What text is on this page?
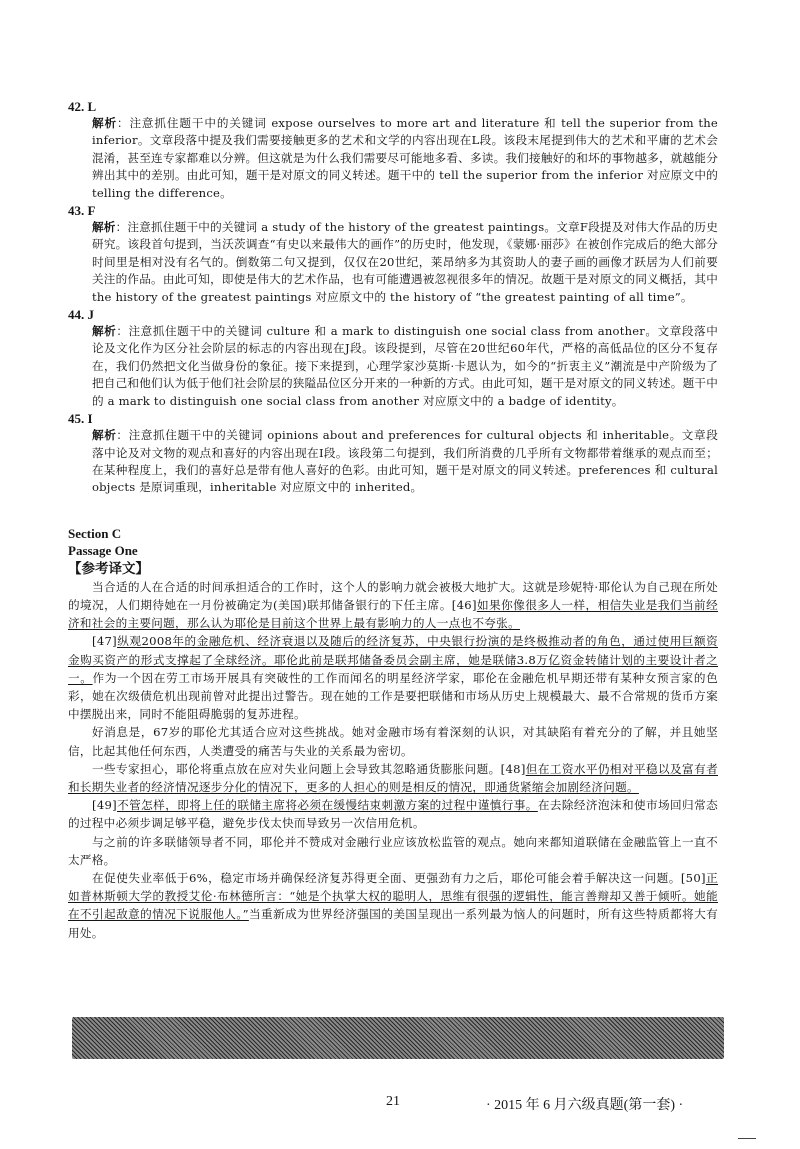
42. L

解析：注意抓住题干中的关键词 expose ourselves to more art and literature 和 tell the superior from the inferior。文章段落中提及我们需要接触更多的艺术和文学的内容出现在L段。该段末尾提到伟大的艺术和平庸的艺术会混淆，甚至连专家都难以分辨。但这就是为什么我们需要尽可能地多看、多读。我们接触好的和坏的事物越多，就越能分辨出其中的差别。由此可知，题干是对原文的同义转述。题干中的 tell the superior from the inferior 对应原文中的 telling the difference。

43. F

解析：注意抓住题干中的关键词 a study of the history of the greatest paintings。文章F段提及对伟大作品的历史研究。该段首句提到，当沃茨调查“有史以来最伟大的画作”的历史时，他发现，《蒙娜·丽莎》在被创作完成后的绝大部分时间里是相对没有名气的。倒数第二句又提到，仅仅在20世纪，莱昂纳多为其资助人的妻子画的画像才跃居为人们前要关注的作品。由此可知，即使是伟大的艺术作品，也有可能遭遇被忽视很多年的情况。故题干是对原文的同义概括，其中 the history of the greatest paintings 对应原文中的 the history of “the greatest painting of all time”。

44. J

解析：注意抓住题干中的关键词 culture 和 a mark to distinguish one social class from another。文章段落中论及文化作为区分社会阶层的标志的内容出现在J段。该段提到，尽管在20世纪60年代，严格的高低品位的区分不复存在，我们仍然把文化当做身份的象征。接下来提到，心理学家沙莫斯·卡恩认为，如今的“折衷主义”潮流是中产阶级为了把自己和他们认为低于他们社会阶层的狭隘品位区分开来的一种新的方式。由此可知，题干是对原文的同义转述。题干中的 a mark to distinguish one social class from another 对应原文中的 a badge of identity。

45. I

解析：注意抓住题干中的关键词 opinions about and preferences for cultural objects 和 inheritable。文章段落中论及对文物的观点和喜好的内容出现在I段。该段第二句提到，我们所消费的几乎所有文物都带着继承的观点而至；在某种程度上，我们的喜好总是带有他人喜好的色彩。由此可知，题干是对原文的同义转述。preferences 和 cultural objects 是原词重现，inheritable 对应原文中的 inherited。

Section C

Passage One

【参考译文】

当合适的人在合适的时间承担适合的工作时，这个人的影响力就会被极大地扩大。这就是珍妮特·耶伦认为自己现在所处的境况，人们期待她在一月份被确定为(美国)联邦储备银行的下任主席。[46]如果你像很多人一样，相信失业是我们当前经济和社会的主要问题，那么认为耶伦是目前这个世界上最有影响力的人一点也不夸张。

[47]纵观2008年的金融危机、经济衰退以及随后的经济复苏，中央银行扮演的是终极推动者的角色，通过使用巨额资金购买资产的形式支撑起了全球经济。耶伦此前是联邦储备委员会副主席，她是联储3.8万亿资金转储计划的主要设计者之一。作为一个因在劳工市场开展具有突破性的工作而闻名的明星经济学家，耶伦在金融危机早期还带有某种女预言家的色彩，她在次级债危机出现前曾对此提出过警告。现在她的工作是要把联储和市场从历史上规模最大、最不合常规的货币方案中摆脱出来，同时不能阻碍脆弱的复苏进程。

好消息是，67岁的耶伦尤其适合应对这些挑战。她对金融市场有着深刻的认识，对其缺陷有着充分的了解，并且她坚信，比起其他任何东西，人类遭受的痛苦与失业的关系最为密切。

一些专家担心，耶伦将重点放在应对失业问题上会导致其忽略通货膨胀问题。[48]但在工资水平仍相对平稳以及富有者和长期失业者的经济情况逐步分化的情况下，更多的人担心的则是相反的情况，即通货紧缩会加剧经济问题。

[49]不管怎样，即将上任的联储主席将必须在缓慢结束刺激方案的过程中谨慎行事。在去除经济泡沫和使市场回归常态的过程中必须步调足够平稳，避免步伐太快而导致另一次信用危机。

与之前的许多联储领导者不同，耶伦并不赞成对金融行业应该放松监管的观点。她向来都知道联储在金融监管上一直不太严格。

在促使失业率低于6%，稳定市场并确保经济复苏得更全面、更强劲有力之后，耶伦可能会着手解决这一问题。[50]正如普林斯顿大学的教授艾伦·布林德所言：“她是个执掌大权的聪明人，思维有很强的逻辑性，能言善辩却又善于倾听。她能在不引起敌意的情况下说服他人。”当重新成为世界经济强国的美国呈现出一系列最为恼人的问题时，所有这些特质都将大有用处。

21	· 2015 年 6 月六级真题(第一套) ·
